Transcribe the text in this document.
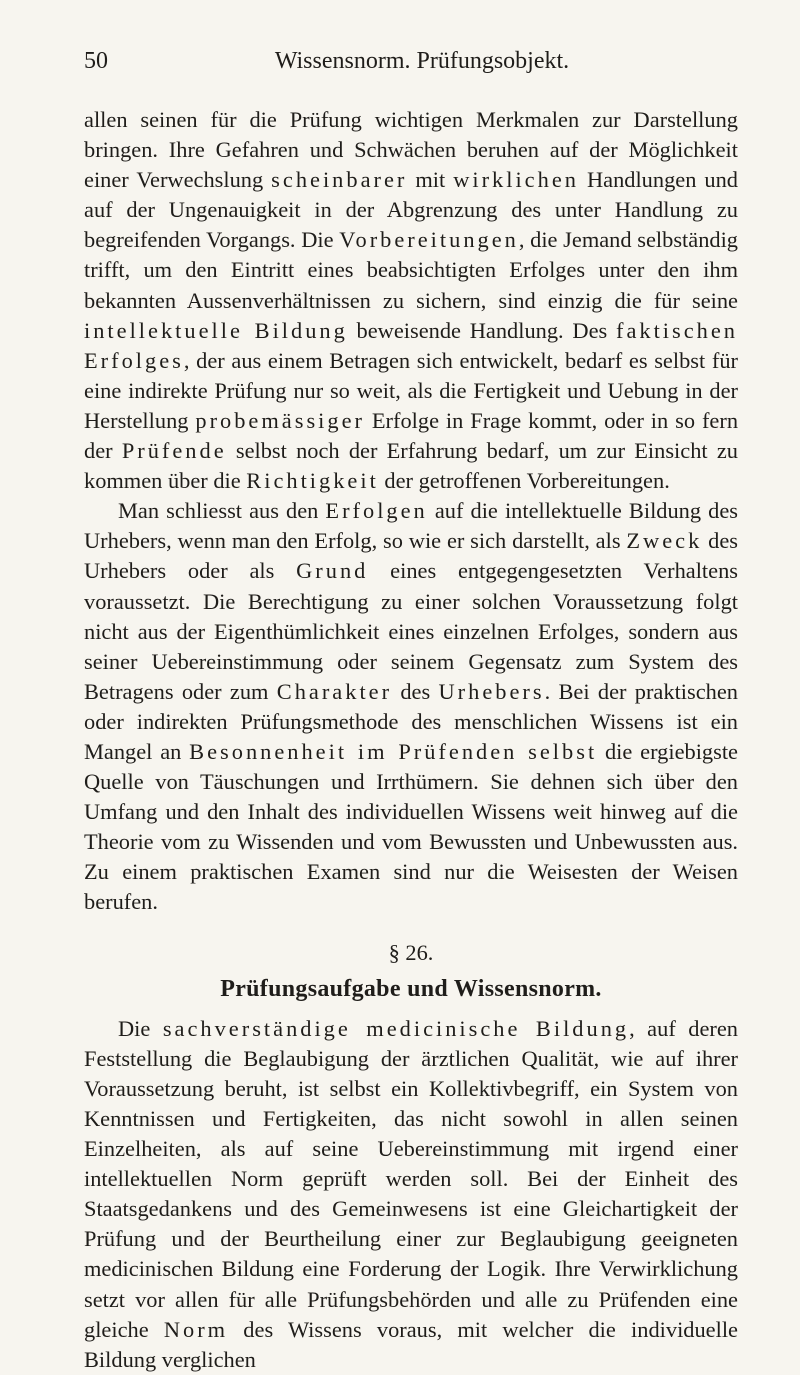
50	Wissensnorm. Prüfungsobjekt.

allen seinen für die Prüfung wichtigen Merkmalen zur Darstellung bringen. Ihre Gefahren und Schwächen beruhen auf der Möglichkeit einer Verwechslung scheinbarer mit wirklichen Handlungen und auf der Ungenauigkeit in der Abgrenzung des unter Handlung zu begreifenden Vorgangs. Die Vorbereitungen, die Jemand selbständig trifft, um den Eintritt eines beabsichtigten Erfolges unter den ihm bekannten Aussenverhältnissen zu sichern, sind einzig die für seine intellektuelle Bildung beweisende Handlung. Des faktischen Erfolges, der aus einem Betragen sich entwickelt, bedarf es selbst für eine indirekte Prüfung nur so weit, als die Fertigkeit und Uebung in der Herstellung probemässiger Erfolge in Frage kommt, oder in so fern der Prüfende selbst noch der Erfahrung bedarf, um zur Einsicht zu kommen über die Richtigkeit der getroffenen Vorbereitungen.

Man schliesst aus den Erfolgen auf die intellektuelle Bildung des Urhebers, wenn man den Erfolg, so wie er sich darstellt, als Zweck des Urhebers oder als Grund eines entgegengesetzten Verhaltens voraussetzt. Die Berechtigung zu einer solchen Voraussetzung folgt nicht aus der Eigenthümlichkeit eines einzelnen Erfolges, sondern aus seiner Uebereinstimmung oder seinem Gegensatz zum System des Betragens oder zum Charakter des Urhebers. Bei der praktischen oder indirekten Prüfungsmethode des menschlichen Wissens ist ein Mangel an Besonnenheit im Prüfenden selbst die ergiebigste Quelle von Täuschungen und Irrthümern. Sie dehnen sich über den Umfang und den Inhalt des individuellen Wissens weit hinweg auf die Theorie vom zu Wissenden und vom Bewussten und Unbewussten aus. Zu einem praktischen Examen sind nur die Weisesten der Weisen berufen.

§ 26.
Prüfungsaufgabe und Wissensnorm.

Die sachverständige medicinische Bildung, auf deren Feststellung die Beglaubigung der ärztlichen Qualität, wie auf ihrer Voraussetzung beruht, ist selbst ein Kollektivbegriff, ein System von Kenntnissen und Fertigkeiten, das nicht sowohl in allen seinen Einzelheiten, als auf seine Uebereinstimmung mit irgend einer intellektuellen Norm geprüft werden soll. Bei der Einheit des Staatsgedankens und des Gemeinwesens ist eine Gleichartigkeit der Prüfung und der Beurtheilung einer zur Beglaubigung geeigneten medicinischen Bildung eine Forderung der Logik. Ihre Verwirklichung setzt vor allen für alle Prüfungsbehörden und alle zu Prüfenden eine gleiche Norm des Wissens voraus, mit welcher die individuelle Bildung verglichen
